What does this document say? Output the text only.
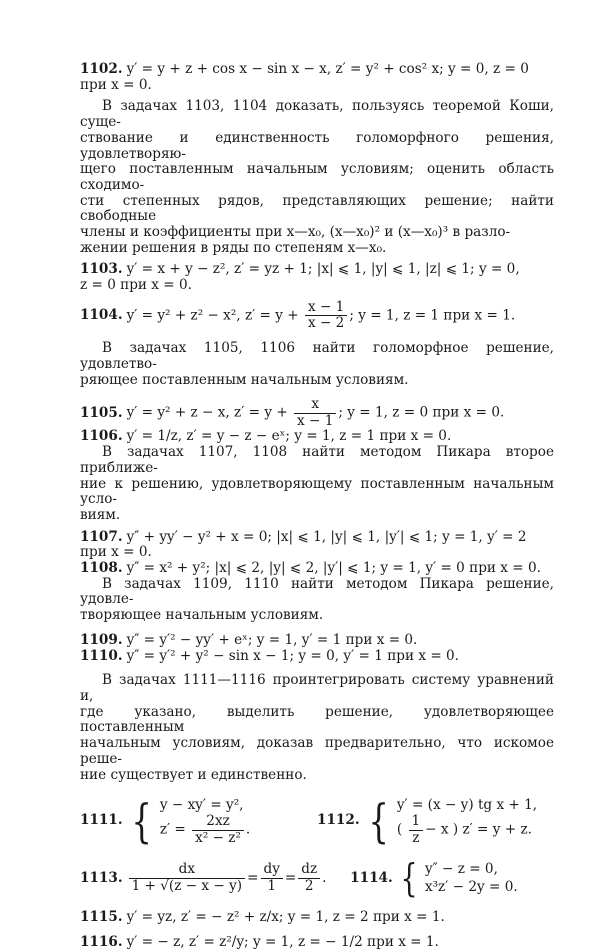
1102. y′ = y + z + cos x − sin x − x, z′ = y² + cos² x; y = 0, z = 0
при x = 0.
В задачах 1103, 1104 доказать, пользуясь теоремой Коши, суще-
ствование и единственность голоморфного решения, удовлетворяю-
щего поставленным начальным условиям; оценить область сходимо-
сти степенных рядов, представляющих решение; найти свободные
члены и коэффициенты при x—x₀, (x—x₀)² и (x—x₀)³ в разло-
жении решения в ряды по степеням x—x₀.
1103. y′ = x + y − z², z′ = yz + 1; |x| ⩽ 1, |y| ⩽ 1, |z| ⩽ 1; y = 0,
z = 0 при x = 0.
1104. y′ = y² + z² − x², $z' = y + \frac{x - 1}{x - 2}$ ; y = 1, z = 1 при x = 1.
В задачах 1105, 1106 найти голоморфное решение, удовлетво-
ряющее поставленным начальным условиям.
1105. y′ = y² + z − x, $z' = y + \frac{x}{x - 1}$ ; y = 1, z = 0 при x = 0.
1106. y′ = 1/z, z′ = y − z − eˣ; y = 1, z = 1 при x = 0.
В задачах 1107, 1108 найти методом Пикара второе приближе-
ние к решению, удовлетворяющему поставленным начальным усло-
виям.
1107. y″ + yy′ − y² + x = 0; |x| ⩽ 1, |y| ⩽ 1, |y′| ⩽ 1; y = 1, y′ = 2
при x = 0.
1108. y″ = x² + y²; |x| ⩽ 2, |y| ⩽ 2, |y′| ⩽ 1; y = 1, y′ = 0 при x = 0.
В задачах 1109, 1110 найти методом Пикара решение, удовле-
творяющее начальным условиям.
1109. y″ = y′² − yy′ + eˣ; y = 1, y′ = 1 при x = 0.
1110. y″ = y′² + y² − sin x − 1; y = 0, y′ = 1 при x = 0.
В задачах 1111—1116 проинтегрировать систему уравнений и,
где указано, выделить решение, удовлетворяющее поставленным
начальным условиям, доказав предварительно, что искомое реше-
ние существует и единственно.
1111. { y − xy′ = y²,
$z' = \frac{2xz}{\text{x² − z²}}$ .
1112. { y′ = (x − y) tg x + 1,
( $\frac{1}{z} - x$ ) z′ = y + z.
1113. $\frac{dx}{1 + √(z - x - y)} = \frac{dy}{1} = \frac{dz}{2}$ . 1114. { y″ − z = 0,
x³z′ − 2y = 0.
1115. y′ = yz, z′ = − z² + z/x; y = 1, z = 2 при x = 1.
1116. y′ = − z, z′ = z²/y; y = 1, z = − 1/2 при x = 1.
